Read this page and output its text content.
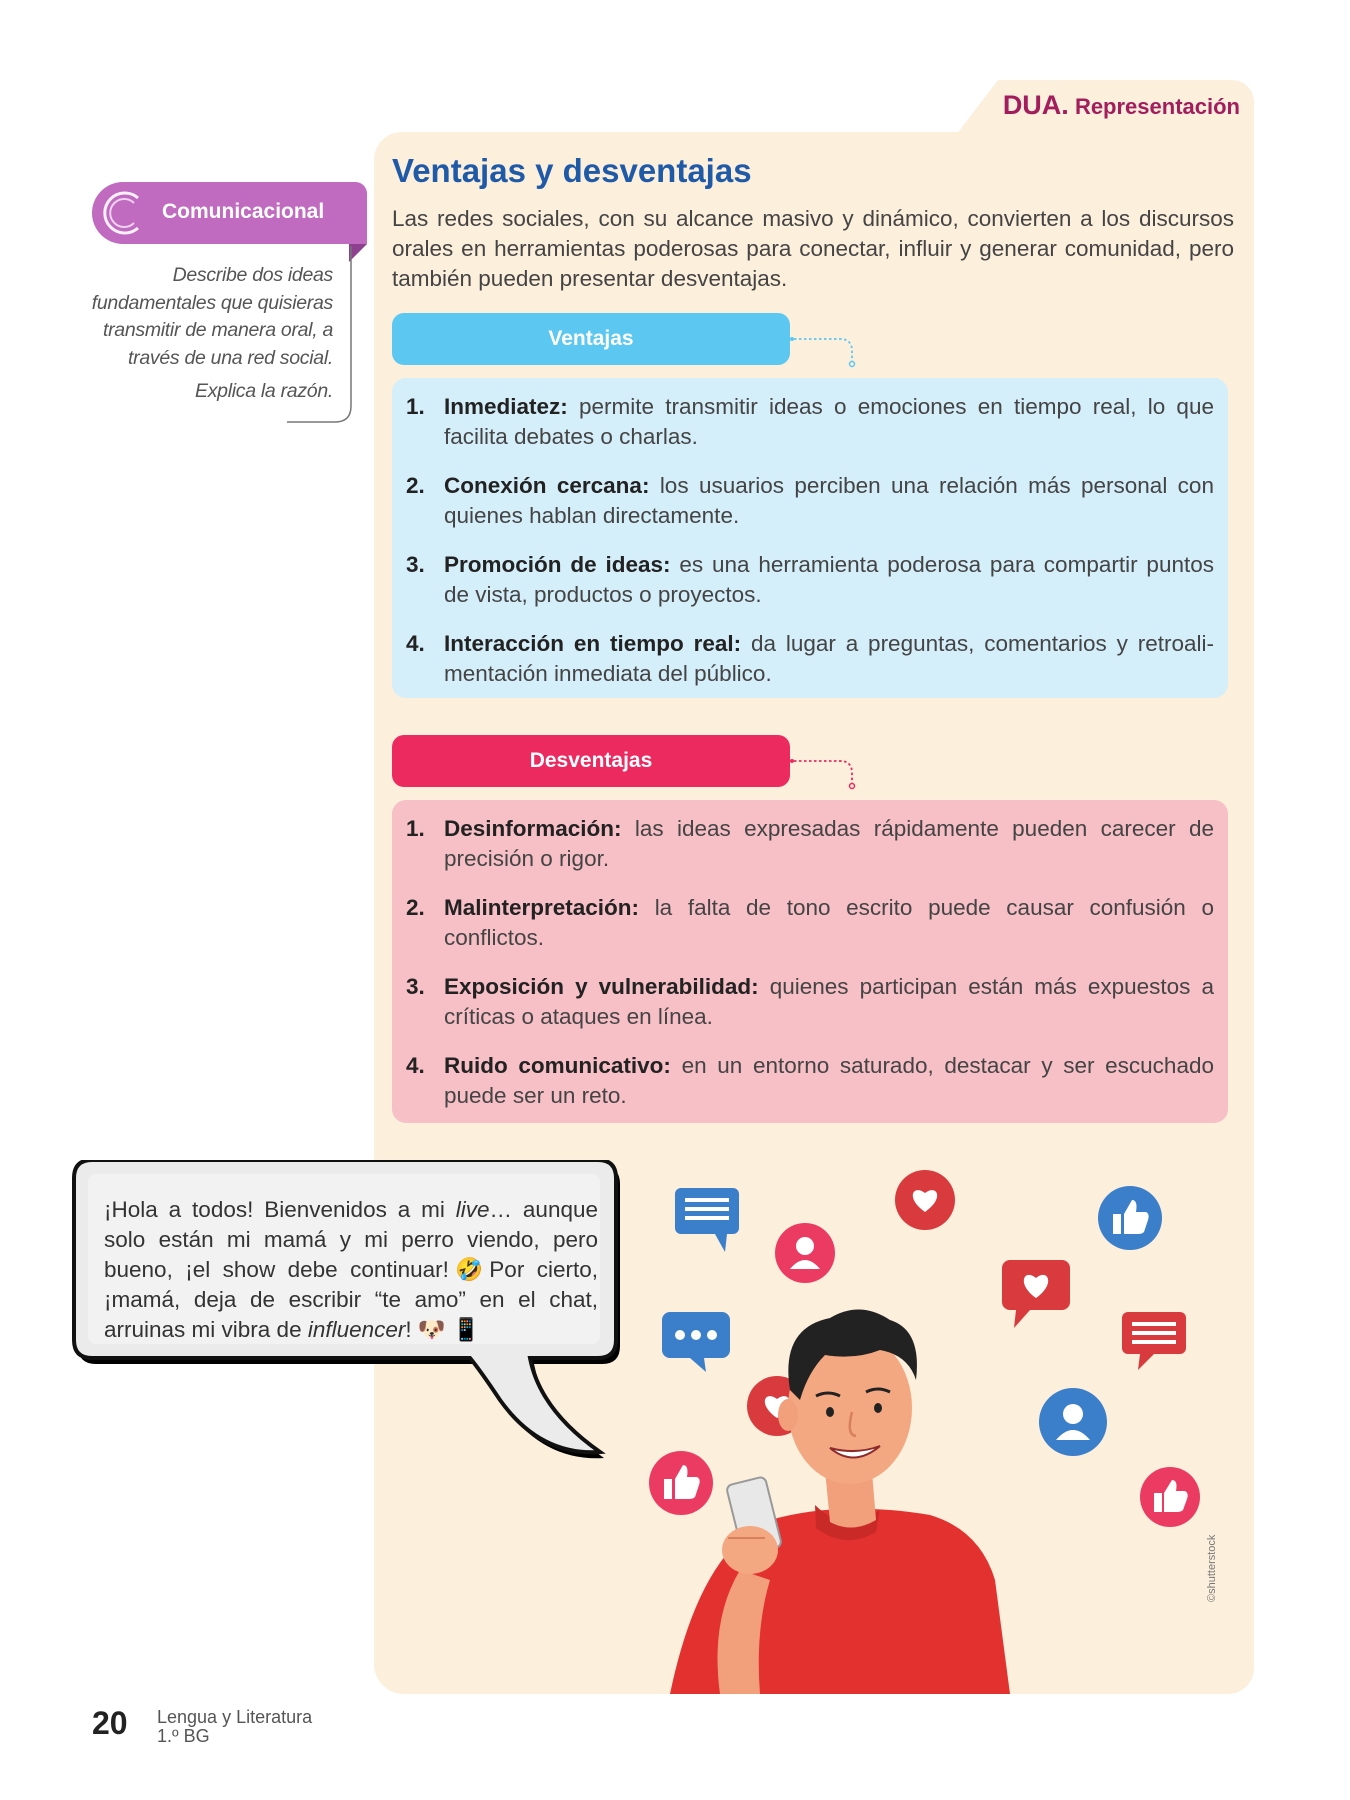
DUA. Representación
Ventajas y desventajas

Las redes sociales, con su alcance masivo y dinámico, convierten a los discursos orales en herramientas poderosas para conectar, influir y generar comunidad, pero también pueden presentar desventajas.

Ventajas
1. Inmediatez: permite transmitir ideas o emociones en tiempo real, lo que facilita debates o charlas.
2. Conexión cercana: los usuarios perciben una relación más personal con quienes hablan directamente.
3. Promoción de ideas: es una herramienta poderosa para compartir puntos de vista, productos o proyectos.
4. Interacción en tiempo real: da lugar a preguntas, comentarios y retroalimentación inmediata del público.
Desventajas
1. Desinformación: las ideas expresadas rápidamente pueden carecer de precisión o rigor.
2. Malinterpretación: la falta de tono escrito puede causar confusión o conflictos.
3. Exposición y vulnerabilidad: quienes participan están más expuestos a críticas o ataques en línea.
4. Ruido comunicativo: en un entorno saturado, destacar y ser escuchado puede ser un reto.
Comunicacional

Describe dos ideas fundamentales que quisieras transmitir de manera oral, a través de una red social.

Explica la razón.

¡Hola a todos! Bienvenidos a mi live… aunque solo están mi mamá y mi perro viendo, pero bueno, ¡el show debe continuar!🤣Por cierto, ¡mamá, deja de escribir “te amo” en el chat, arruinas mi vibra de influencer! 🐶 📱

©shutterstock
20 Lengua y Literatura
1.º BG
